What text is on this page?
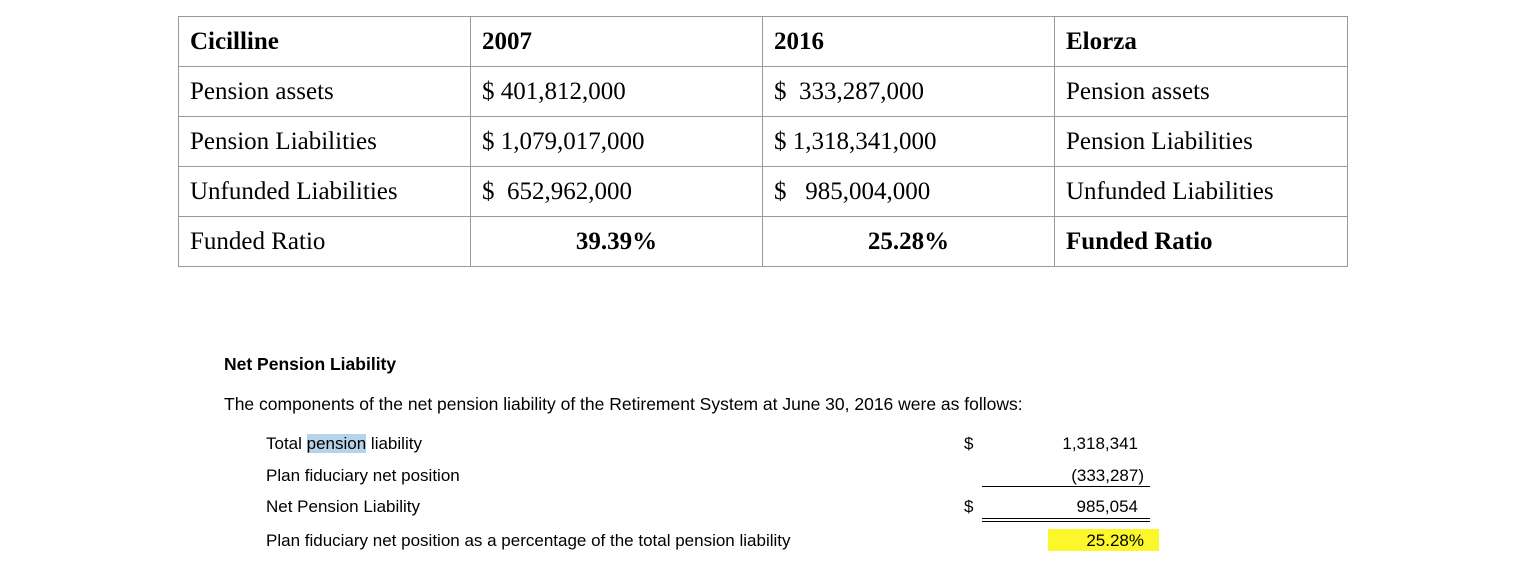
Cicilline	2007	2016	Elorza
Pension assets	$ 401,812,000	$  333,287,000	Pension assets
Pension Liabilities	$ 1,079,017,000	$ 1,318,341,000	Pension Liabilities
Unfunded Liabilities	$  652,962,000	$   985,004,000	Unfunded Liabilities
Funded Ratio	39.39%	25.28%	Funded Ratio
Net Pension Liability
The components of the net pension liability of the Retirement System at June 30, 2016 were as follows:
Total pension liability	$	1,318,341
Plan fiduciary net position	(333,287)
Net Pension Liability	$	985,054
Plan fiduciary net position as a percentage of the total pension liability	25.28%
